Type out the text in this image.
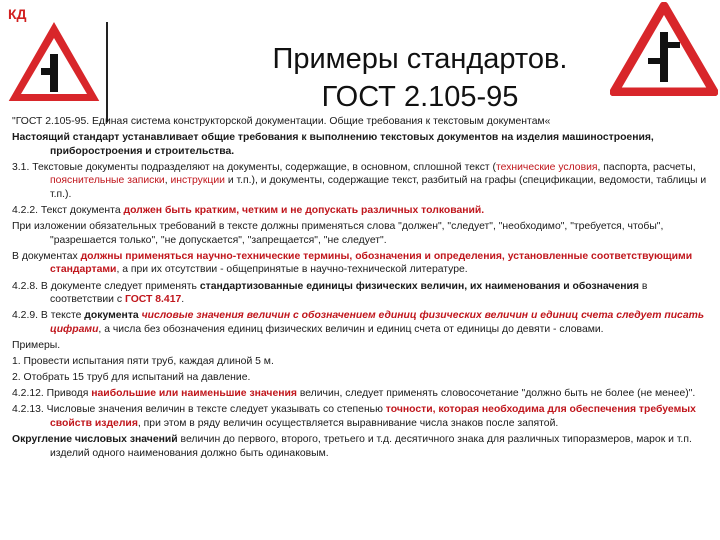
КД
Примеры стандартов.
ГОСТ 2.105-95

"ГОСТ 2.105-95. Единая система конструкторской документации. Общие требования к текстовым документам«

Настоящий стандарт устанавливает общие требования к выполнению текстовых документов на изделия машиностроения, приборостроения и строительства.

3.1. Текстовые документы подразделяют на документы, содержащие, в основном, сплошной текст (технические условия, паспорта, расчеты, пояснительные записки, инструкции и т.п.), и документы, содержащие текст, разбитый на графы (спецификации, ведомости, таблицы и т.п.).

4.2.2. Текст документа должен быть кратким, четким и не допускать различных толкований.

При изложении обязательных требований в тексте должны применяться слова "должен", "следует", "необходимо", "требуется, чтобы", "разрешается только", "не допускается", "запрещается", "не следует".

В документах должны применяться научно-технические термины, обозначения и определения, установленные соответствующими стандартами, а при их отсутствии - общепринятые в научно-технической литературе.

4.2.8. В документе следует применять стандартизованные единицы физических величин, их наименования и обозначения в соответствии с ГОСТ 8.417.

4.2.9. В тексте документа числовые значения величин с обозначением единиц физических величин и единиц счета следует писать цифрами, а числа без обозначения единиц физических величин и единиц счета от единицы до девяти - словами.

Примеры.

1. Провести испытания пяти труб, каждая длиной 5 м.

2. Отобрать 15 труб для испытаний на давление.

4.2.12. Приводя наибольшие или наименьшие значения величин, следует применять словосочетание "должно быть не более (не менее)".

4.2.13. Числовые значения величин в тексте следует указывать со степенью точности, которая необходима для обеспечения требуемых свойств изделия, при этом в ряду величин осуществляется выравнивание числа знаков после запятой.

Округление числовых значений величин до первого, второго, третьего и т.д. десятичного знака для различных типоразмеров, марок и т.п. изделий одного наименования должно быть одинаковым.
